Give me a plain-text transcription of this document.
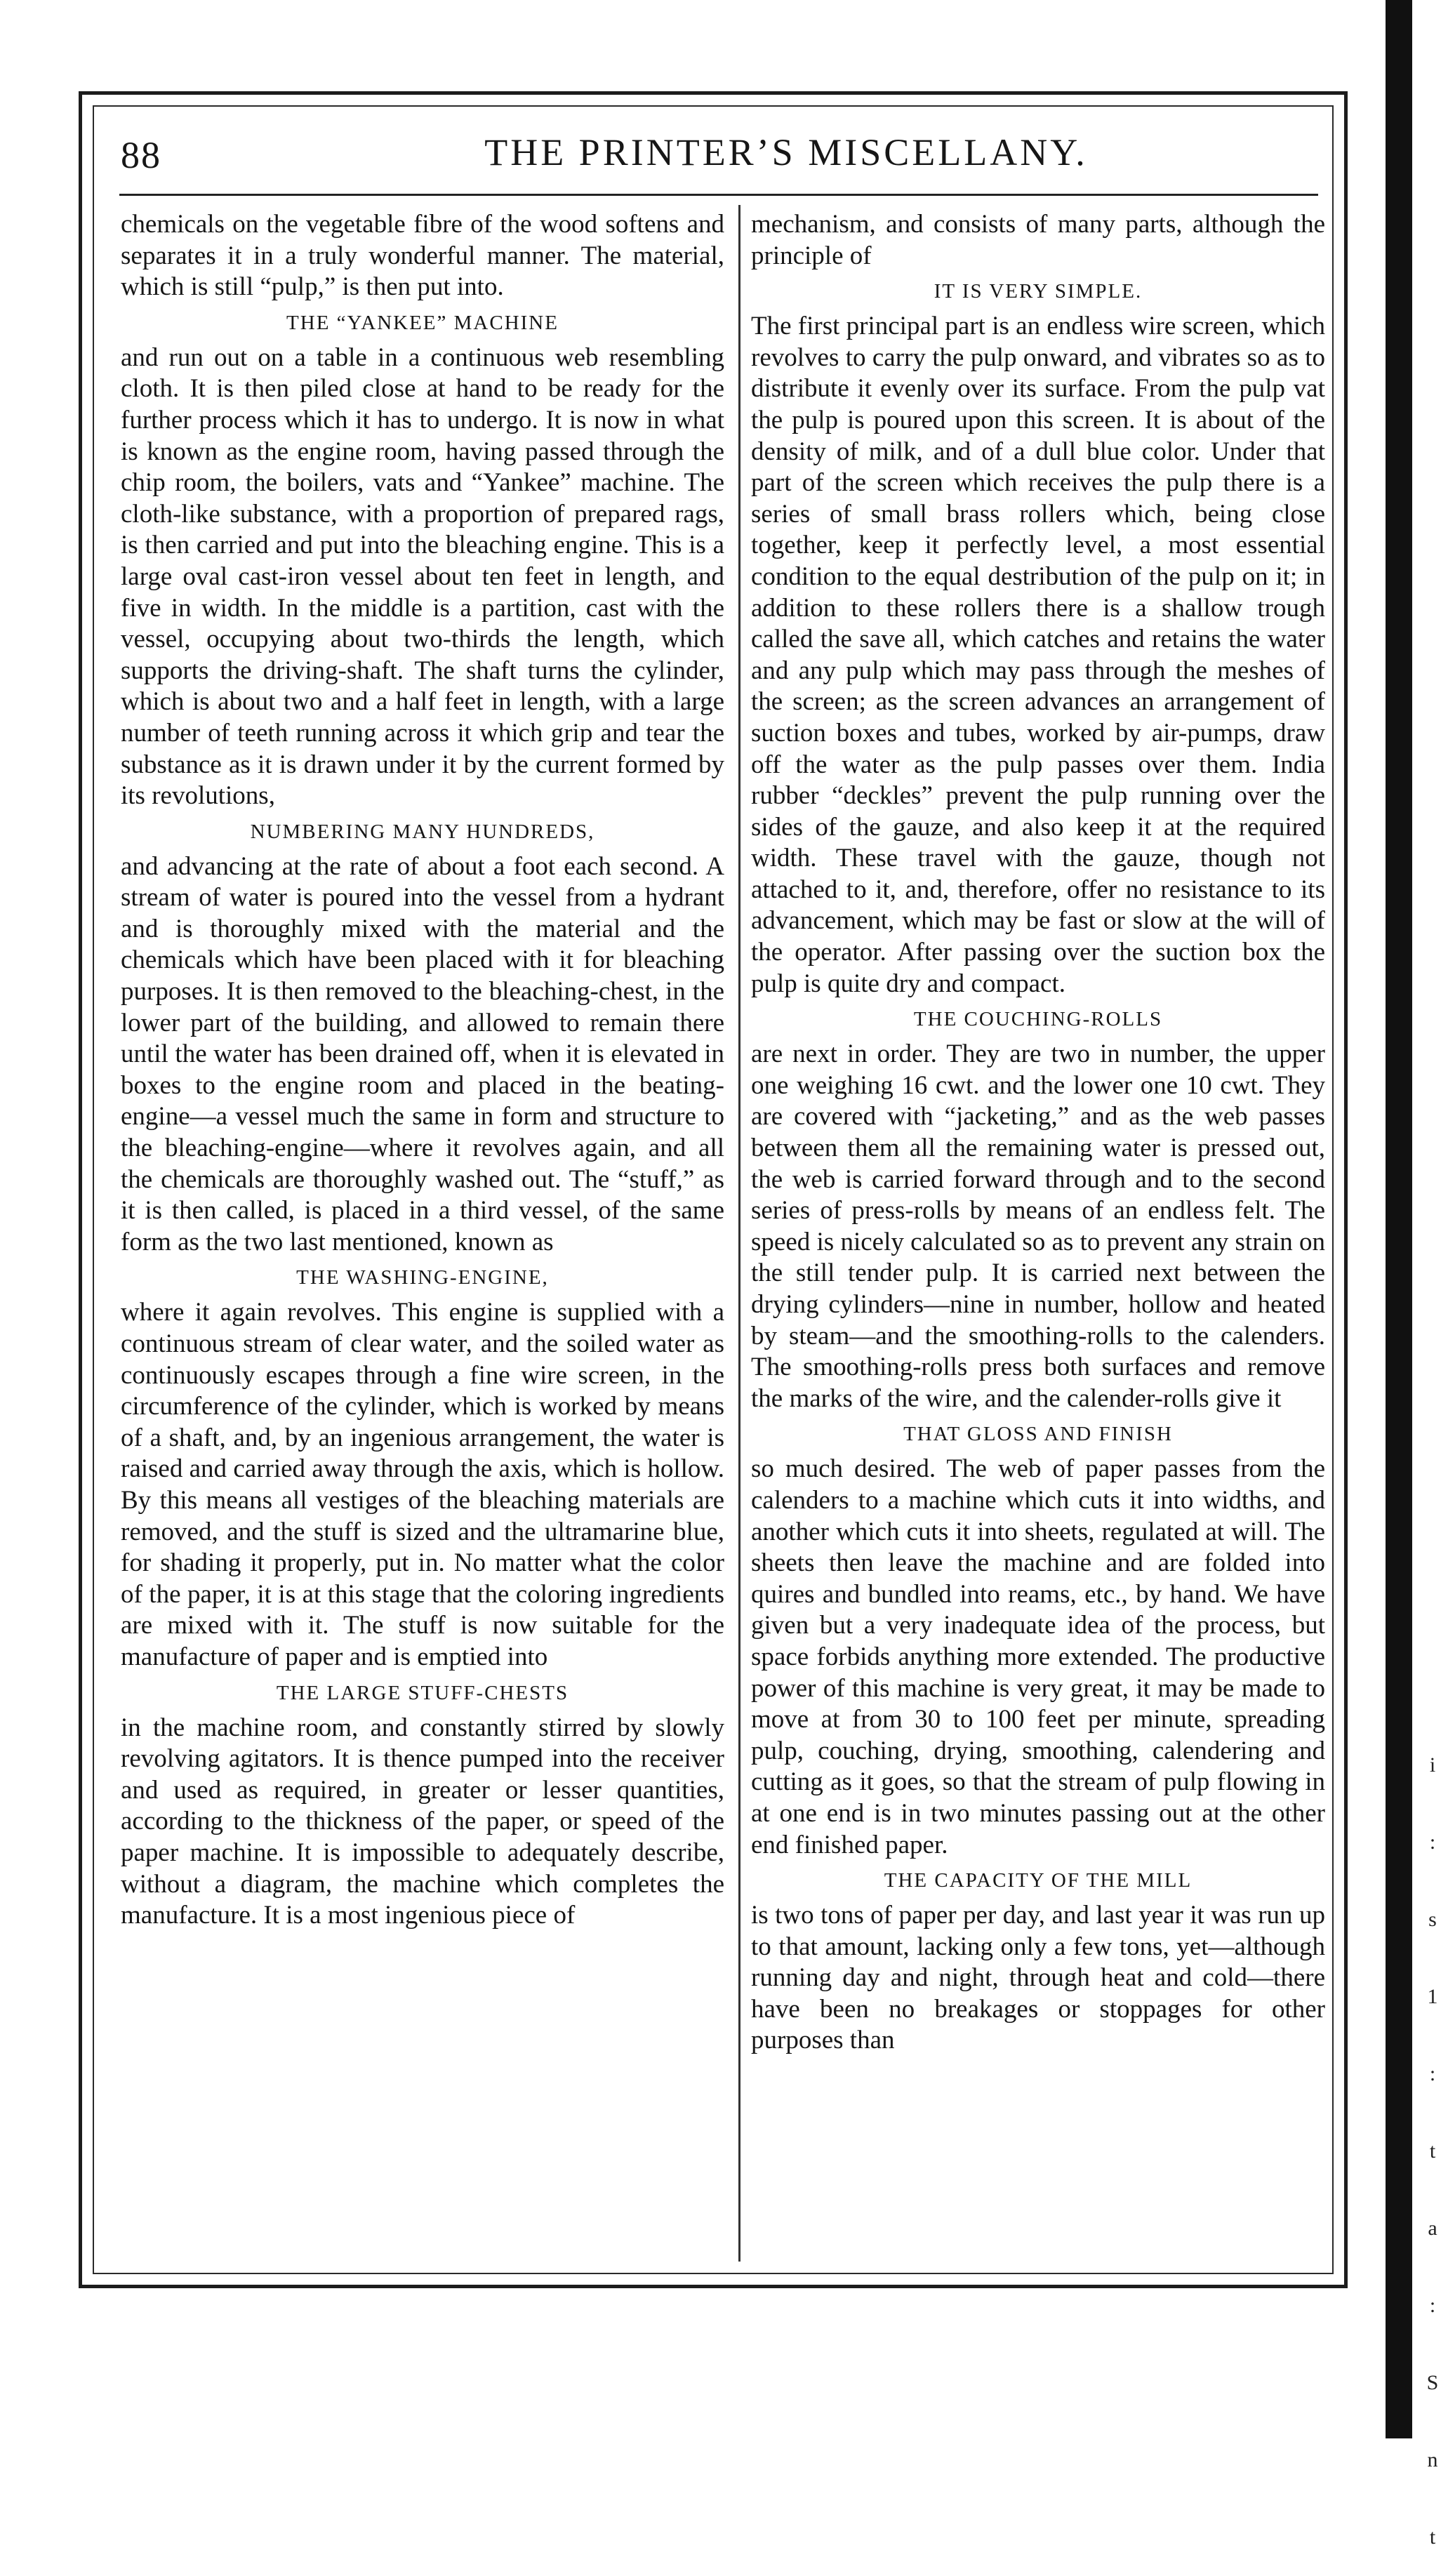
i
:
s
1
:
t
a
:
S
n
t
88	THE PRINTER’S MISCELLANY.

chemicals on the vegetable fibre of the wood softens and separates it in a truly wonderful manner. The material, which is still “pulp,” is then put into.

THE “YANKEE” MACHINE

and run out on a table in a continuous web resembling cloth. It is then piled close at hand to be ready for the further process which it has to undergo. It is now in what is known as the engine room, having passed through the chip room, the boilers, vats and “Yankee” machine. The cloth-like substance, with a proportion of prepared rags, is then carried and put into the bleaching engine. This is a large oval cast-iron vessel about ten feet in length, and five in width. In the middle is a partition, cast with the vessel, occupying about two-thirds the length, which supports the driving-shaft. The shaft turns the cylinder, which is about two and a half feet in length, with a large number of teeth running across it which grip and tear the substance as it is drawn under it by the current formed by its revolutions,

NUMBERING MANY HUNDREDS,

and advancing at the rate of about a foot each second. A stream of water is poured into the vessel from a hydrant and is thoroughly mixed with the material and the chemicals which have been placed with it for bleaching purposes. It is then removed to the bleaching-chest, in the lower part of the building, and allowed to remain there until the water has been drained off, when it is elevated in boxes to the engine room and placed in the beating-engine—a vessel much the same in form and structure to the bleaching-engine—where it revolves again, and all the chemicals are thoroughly washed out. The “stuff,” as it is then called, is placed in a third vessel, of the same form as the two last mentioned, known as

THE WASHING-ENGINE,

where it again revolves. This engine is supplied with a continuous stream of clear water, and the soiled water as continuously escapes through a fine wire screen, in the circumference of the cylinder, which is worked by means of a shaft, and, by an ingenious arrangement, the water is raised and carried away through the axis, which is hollow. By this means all vestiges of the bleaching materials are removed, and the stuff is sized and the ultramarine blue, for shading it properly, put in. No matter what the color of the paper, it is at this stage that the coloring ingredients are mixed with it. The stuff is now suitable for the manufacture of paper and is emptied into

THE LARGE STUFF-CHESTS

in the machine room, and constantly stirred by slowly revolving agitators. It is thence pumped into the receiver and used as required, in greater or lesser quantities, according to the thickness of the paper, or speed of the paper machine. It is impossible to adequately describe, without a diagram, the machine which completes the manufacture. It is a most ingenious piece of

mechanism, and consists of many parts, although the principle of

IT IS VERY SIMPLE.

The first principal part is an endless wire screen, which revolves to carry the pulp onward, and vibrates so as to distribute it evenly over its surface. From the pulp vat the pulp is poured upon this screen. It is about of the density of milk, and of a dull blue color. Under that part of the screen which receives the pulp there is a series of small brass rollers which, being close together, keep it perfectly level, a most essential condition to the equal destribution of the pulp on it; in addition to these rollers there is a shallow trough called the save all, which catches and retains the water and any pulp which may pass through the meshes of the screen; as the screen advances an arrangement of suction boxes and tubes, worked by air-pumps, draw off the water as the pulp passes over them. India rubber “deckles” prevent the pulp running over the sides of the gauze, and also keep it at the required width. These travel with the gauze, though not attached to it, and, therefore, offer no resistance to its advancement, which may be fast or slow at the will of the operator. After passing over the suction box the pulp is quite dry and compact.

THE COUCHING-ROLLS

are next in order. They are two in number, the upper one weighing 16 cwt. and the lower one 10 cwt. They are covered with “jacketing,” and as the web passes between them all the remaining water is pressed out, the web is carried forward through and to the second series of press-rolls by means of an endless felt. The speed is nicely calculated so as to prevent any strain on the still tender pulp. It is carried next between the drying cylinders—nine in number, hollow and heated by steam—and the smoothing-rolls to the calenders. The smoothing-rolls press both surfaces and remove the marks of the wire, and the calender-rolls give it

THAT GLOSS AND FINISH

so much desired. The web of paper passes from the calenders to a machine which cuts it into widths, and another which cuts it into sheets, regulated at will. The sheets then leave the machine and are folded into quires and bundled into reams, etc., by hand. We have given but a very inadequate idea of the process, but space forbids anything more extended. The productive power of this machine is very great, it may be made to move at from 30 to 100 feet per minute, spreading pulp, couching, drying, smoothing, calendering and cutting as it goes, so that the stream of pulp flowing in at one end is in two minutes passing out at the other end finished paper.

THE CAPACITY OF THE MILL

is two tons of paper per day, and last year it was run up to that amount, lacking only a few tons, yet—although running day and night, through heat and cold—there have been no breakages or stoppages for other purposes than
